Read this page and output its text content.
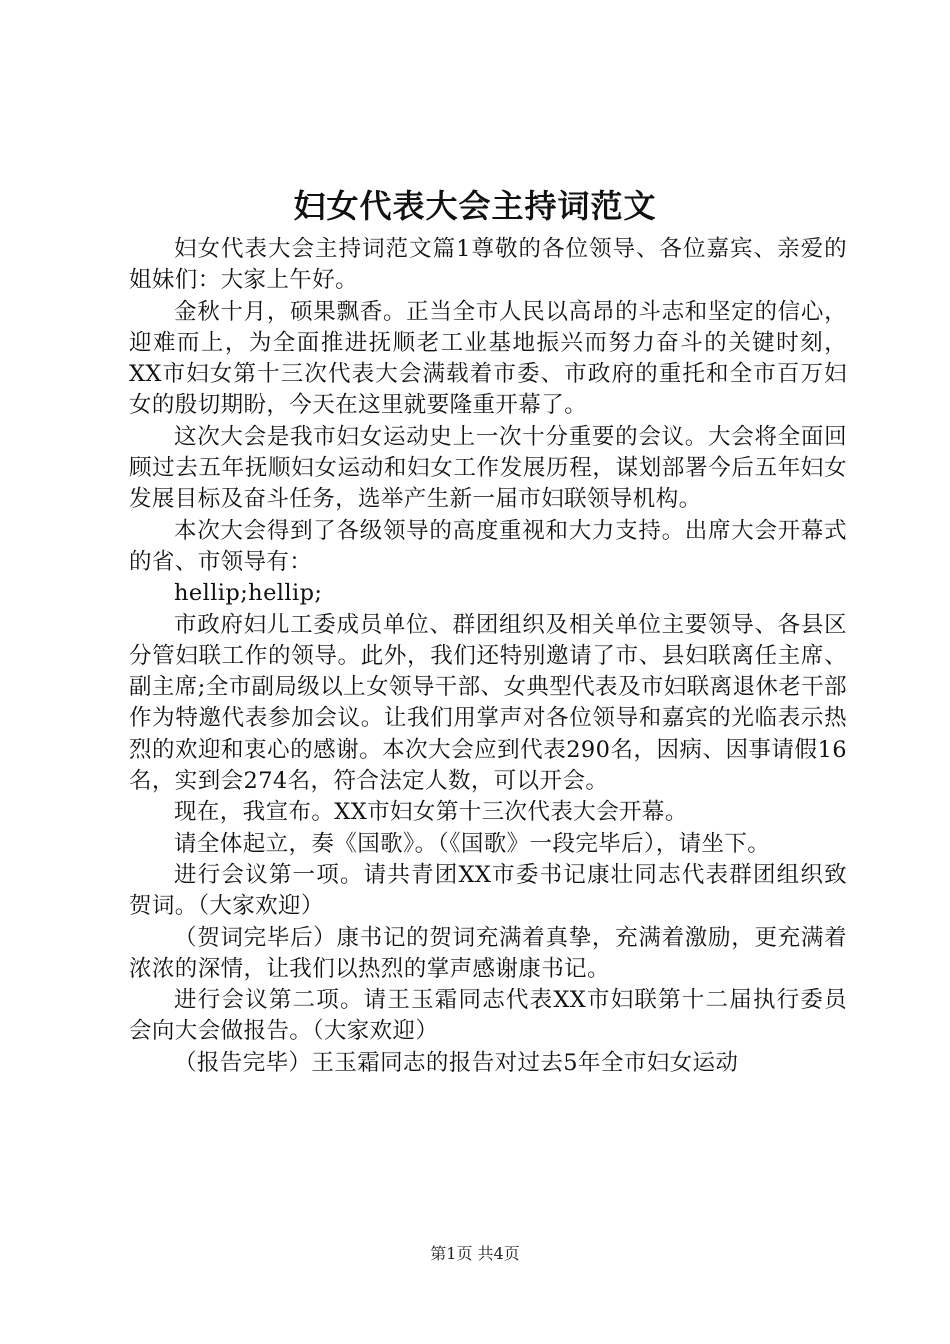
妇女代表大会主持词范文

妇女代表大会主持词范文篇1尊敬的各位领导、各位嘉宾、亲爱的姐妹们：大家上午好。

金秋十月，硕果飘香。正当全市人民以高昂的斗志和坚定的信心，迎难而上，为全面推进抚顺老工业基地振兴而努力奋斗的关键时刻，XX市妇女第十三次代表大会满载着市委、市政府的重托和全市百万妇女的殷切期盼，今天在这里就要隆重开幕了。

这次大会是我市妇女运动史上一次十分重要的会议。大会将全面回顾过去五年抚顺妇女运动和妇女工作发展历程，谋划部署今后五年妇女发展目标及奋斗任务，选举产生新一届市妇联领导机构。

本次大会得到了各级领导的高度重视和大力支持。出席大会开幕式的省、市领导有：

hellip;hellip;

市政府妇儿工委成员单位、群团组织及相关单位主要领导、各县区分管妇联工作的领导。此外，我们还特别邀请了市、县妇联离任主席、副主席;全市副局级以上女领导干部、女典型代表及市妇联离退休老干部作为特邀代表参加会议。让我们用掌声对各位领导和嘉宾的光临表示热烈的欢迎和衷心的感谢。本次大会应到代表290名，因病、因事请假16名，实到会274名，符合法定人数，可以开会。

现在，我宣布。XX市妇女第十三次代表大会开幕。

请全体起立，奏《国歌》。（《国歌》一段完毕后），请坐下。

进行会议第一项。请共青团XX市委书记康壮同志代表群团组织致贺词。（大家欢迎）

（贺词完毕后）康书记的贺词充满着真挚，充满着激励，更充满着浓浓的深情，让我们以热烈的掌声感谢康书记。

进行会议第二项。请王玉霜同志代表XX市妇联第十二届执行委员会向大会做报告。（大家欢迎）

（报告完毕）王玉霜同志的报告对过去5年全市妇女运动

第1页 共4页
